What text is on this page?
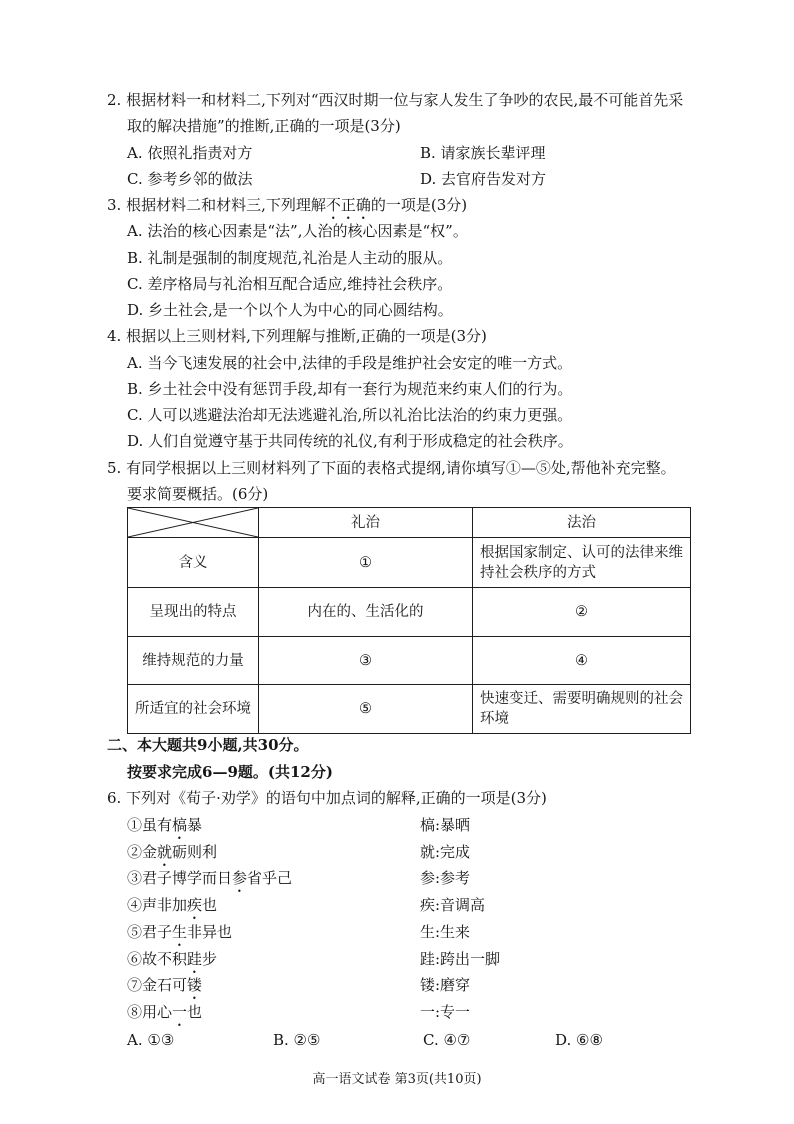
2. 根据材料一和材料二,下列对“西汉时期一位与家人发生了争吵的农民,最不可能首先采
取的解决措施”的推断,正确的一项是(3分)
A. 依照礼指责对方	B. 请家族长辈评理
C. 参考乡邻的做法	D. 去官府告发对方
3. 根据材料二和材料三,下列理解不正确的一项是(3分)
A. 法治的核心因素是“法”,人治的核心因素是“权”。
B. 礼制是强制的制度规范,礼治是人主动的服从。
C. 差序格局与礼治相互配合适应,维持社会秩序。
D. 乡土社会,是一个以个人为中心的同心圆结构。
4. 根据以上三则材料,下列理解与推断,正确的一项是(3分)
A. 当今飞速发展的社会中,法律的手段是维护社会安定的唯一方式。
B. 乡土社会中没有惩罚手段,却有一套行为规范来约束人们的行为。
C. 人可以逃避法治却无法逃避礼治,所以礼治比法治的约束力更强。
D. 人们自觉遵守基于共同传统的礼仪,有利于形成稳定的社会秩序。
5. 有同学根据以上三则材料列了下面的表格式提纲,请你填写①—⑤处,帮他补充完整。
要求简要概括。(6分)
	礼治	法治
含义	①	根据国家制定、认可的法律来维持社会秩序的方式
呈现出的特点	内在的、生活化的	②
维持规范的力量	③	④
所适宜的社会环境	⑤	快速变迁、需要明确规则的社会环境
二、本大题共9小题,共30分。
按要求完成6—9题。(共12分)
6. 下列对《荀子·劝学》的语句中加点词的解释,正确的一项是(3分)
①虽有槁暴	槁:暴晒
②金就砺则利	就:完成
③君子博学而日参省乎己	参:参考
④声非加疾也	疾:音调高
⑤君子生非异也	生:生来
⑥故不积跬步	跬:跨出一脚
⑦金石可镂	镂:磨穿
⑧用心一也	一:专一
A. ①③	B. ②⑤	C. ④⑦	D. ⑥⑧
高一语文试卷 第3页(共10页)
